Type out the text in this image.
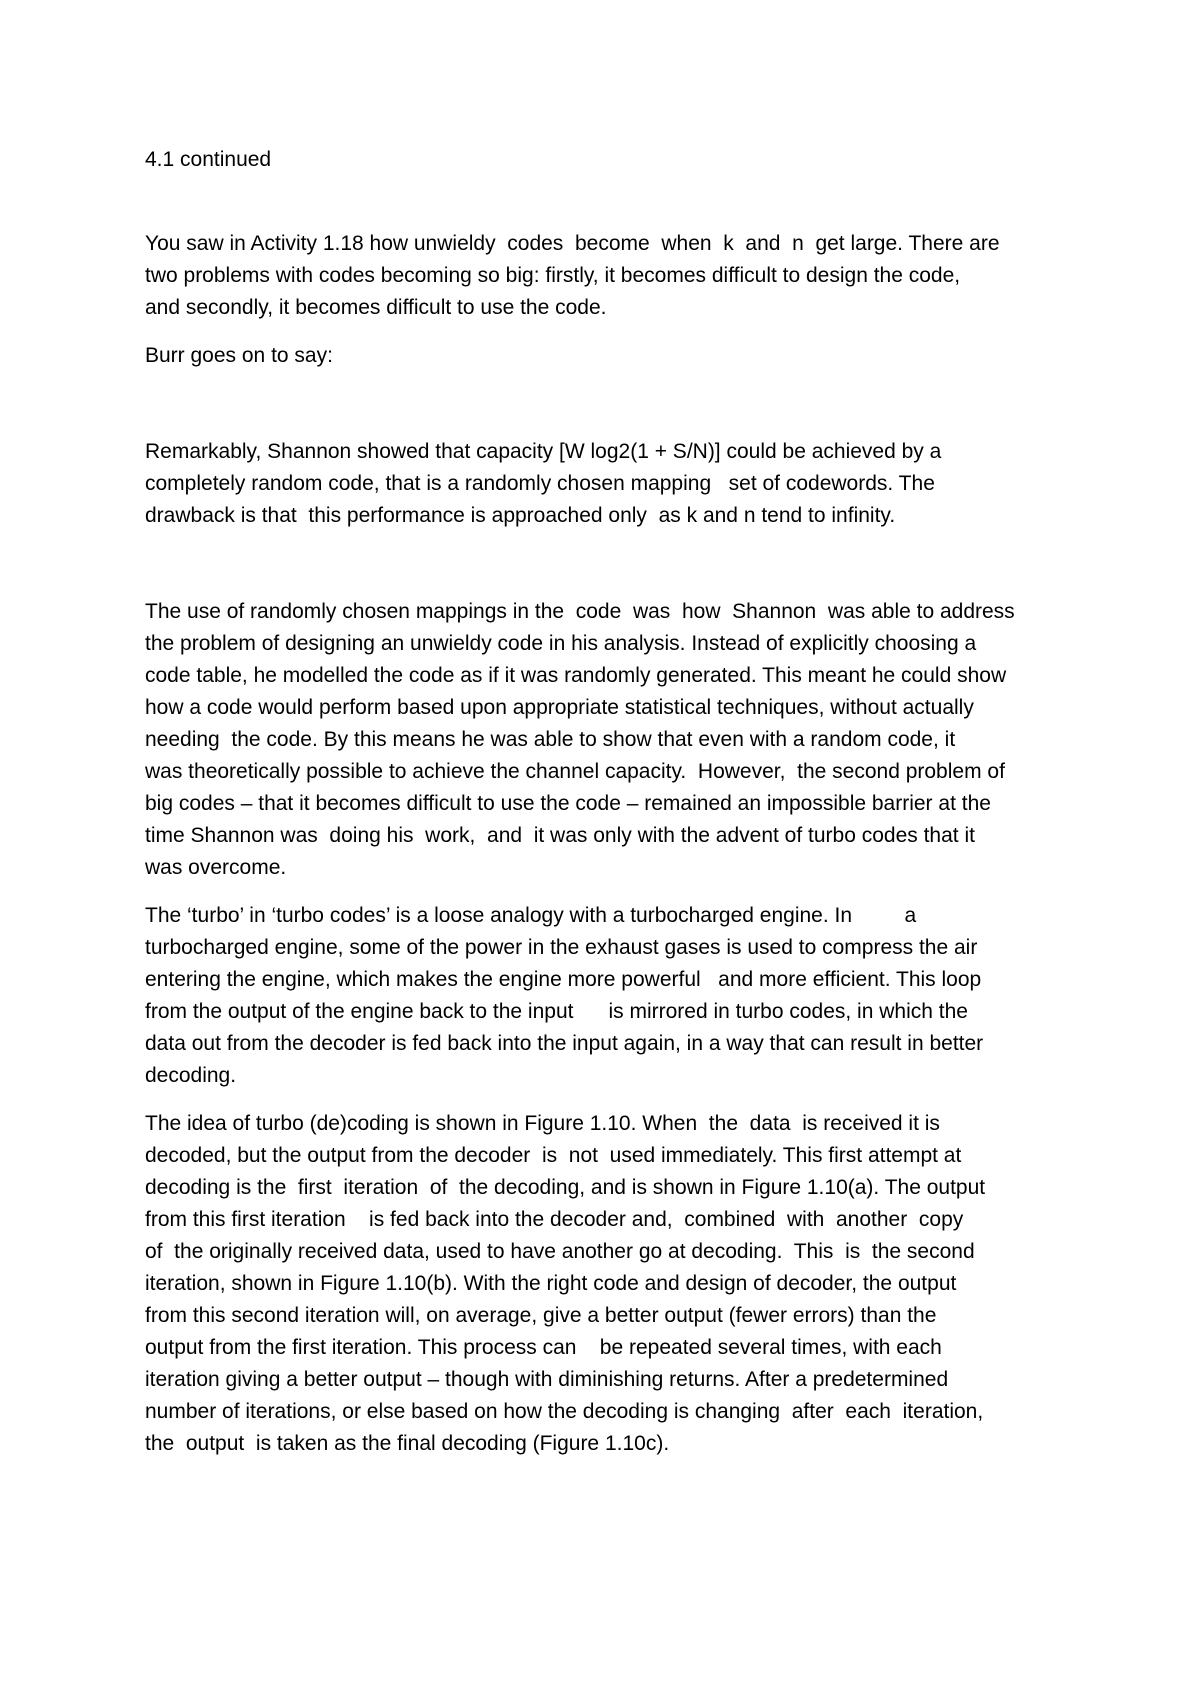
4.1 continued
You saw in Activity 1.18 how unwieldy  codes  become  when  k  and  n  get large. There are
two problems with codes becoming so big: firstly, it becomes difficult to design the code,
and secondly, it becomes difficult to use the code.
Burr goes on to say:
Remarkably, Shannon showed that capacity [W log2(1 + S/N)] could be achieved by a
completely random code, that is a randomly chosen mapping   set of codewords. The
drawback is that  this performance is approached only  as k and n tend to infinity.
The use of randomly chosen mappings in the  code  was  how  Shannon  was able to address
the problem of designing an unwieldy code in his analysis. Instead of explicitly choosing a
code table, he modelled the code as if it was randomly generated. This meant he could show
how a code would perform based upon appropriate statistical techniques, without actually
needing  the code. By this means he was able to show that even with a random code, it
was theoretically possible to achieve the channel capacity.  However,  the second problem of
big codes – that it becomes difficult to use the code – remained an impossible barrier at the
time Shannon was  doing his  work,  and  it was only with the advent of turbo codes that it
was overcome.
The ‘turbo’ in ‘turbo codes’ is a loose analogy with a turbocharged engine. In         a
turbocharged engine, some of the power in the exhaust gases is used to compress the air
entering the engine, which makes the engine more powerful   and more efficient. This loop
from the output of the engine back to the input      is mirrored in turbo codes, in which the
data out from the decoder is fed back into the input again, in a way that can result in better
decoding.
The idea of turbo (de)coding is shown in Figure 1.10. When  the  data  is received it is
decoded, but the output from the decoder  is  not  used immediately. This first attempt at
decoding is the  first  iteration  of  the decoding, and is shown in Figure 1.10(a). The output
from this first iteration    is fed back into the decoder and,  combined  with  another  copy
of  the originally received data, used to have another go at decoding.  This  is  the second
iteration, shown in Figure 1.10(b). With the right code and design of decoder, the output
from this second iteration will, on average, give a better output (fewer errors) than the
output from the first iteration. This process can    be repeated several times, with each
iteration giving a better output – though with diminishing returns. After a predetermined
number of iterations, or else based on how the decoding is changing  after  each  iteration,
the  output  is taken as the final decoding (Figure 1.10c).
